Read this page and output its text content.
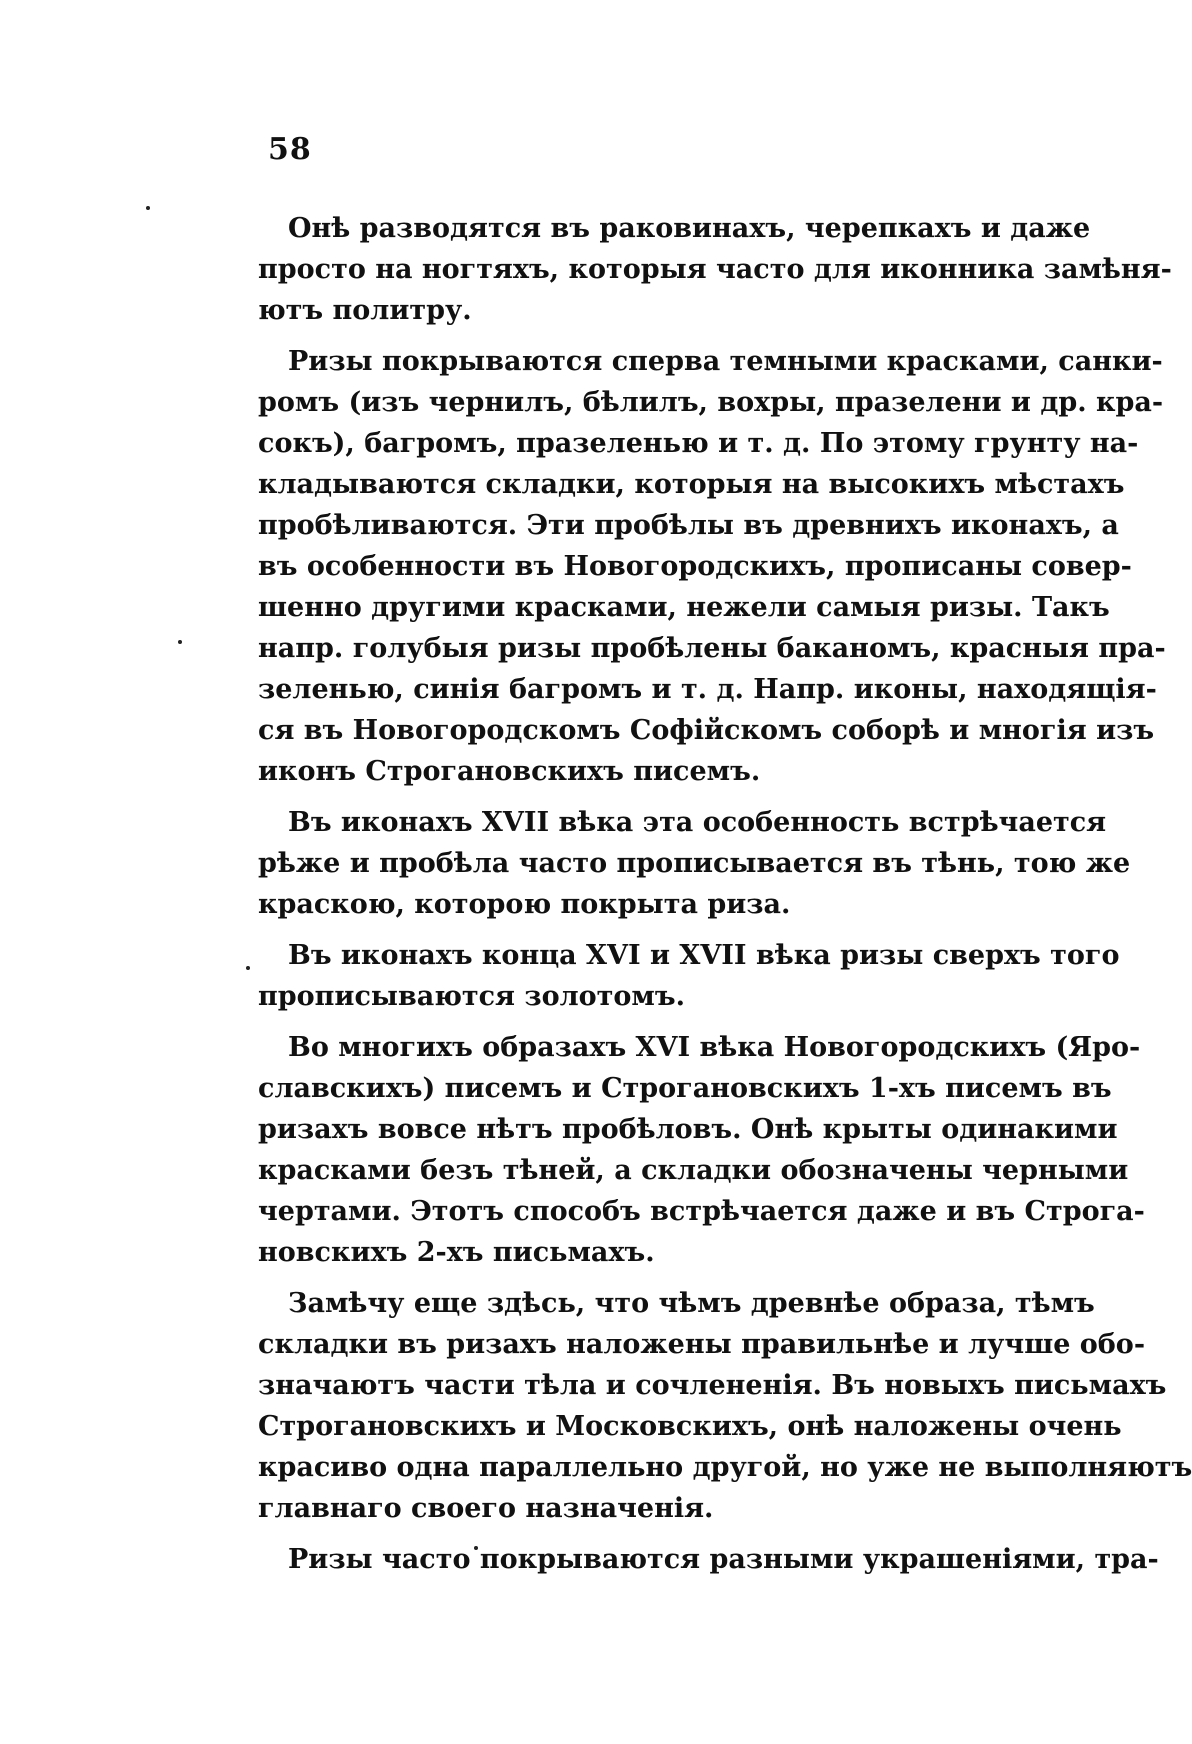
58
Онѣ разводятся въ раковинахъ, черепкахъ и даже
просто на ногтяхъ, которыя часто для иконника замѣня-
ютъ политру.
Ризы покрываются сперва темными красками, санки-
ромъ (изъ чернилъ, бѣлилъ, вохры, празелени и др. кра-
сокъ), багромъ, празеленью и т. д. По этому грунту на-
кладываются складки, которыя на высокихъ мѣстахъ
пробѣливаются. Эти пробѣлы въ древнихъ иконахъ, а
въ особенности въ Новогородскихъ, прописаны совер-
шенно другими красками, нежели самыя ризы. Такъ
напр. голубыя ризы пробѣлены баканомъ, красныя пра-
зеленью, синія багромъ и т. д. Напр. иконы, находящія-
ся въ Новогородскомъ Софійскомъ соборѣ и многія изъ
иконъ Строгановскихъ писемъ.
Въ иконахъ XVII вѣка эта особенность встрѣчается
рѣже и пробѣла часто прописывается въ тѣнь, тою же
краскою, которою покрыта риза.
Въ иконахъ конца XVI и XVII вѣка ризы сверхъ того
прописываются золотомъ.
Во многихъ образахъ XVI вѣка Новогородскихъ (Яро-
славскихъ) писемъ и Строгановскихъ 1-хъ писемъ въ
ризахъ вовсе нѣтъ пробѣловъ. Онѣ крыты одинакими
красками безъ тѣней, а складки обозначены черными
чертами. Этотъ способъ встрѣчается даже и въ Строга-
новскихъ 2-хъ письмахъ.
Замѣчу еще здѣсь, что чѣмъ древнѣе образа, тѣмъ
складки въ ризахъ наложены правильнѣе и лучше обо-
значаютъ части тѣла и сочлененія. Въ новыхъ письмахъ
Строгановскихъ и Московскихъ, онѣ наложены очень
красиво одна параллельно другой, но уже не выполняютъ
главнаго своего назначенія.
Ризы часто покрываются разными украшеніями, тра-
